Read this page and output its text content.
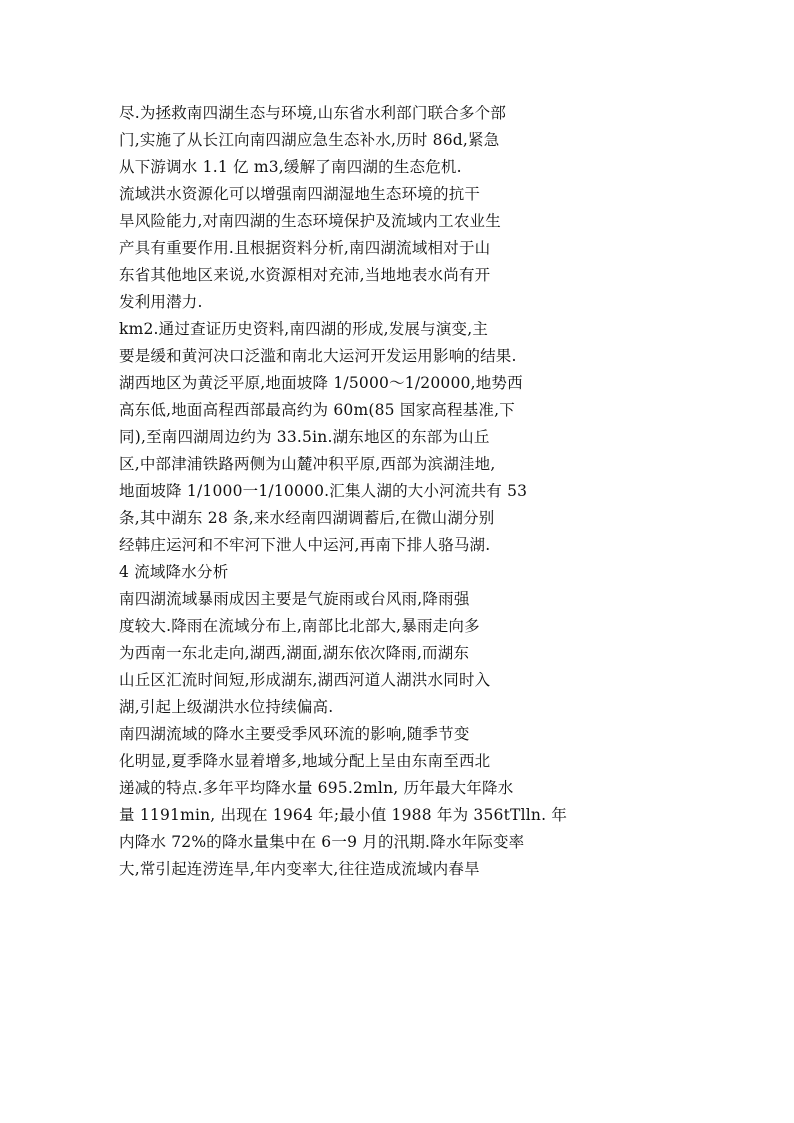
尽.为拯救南四湖生态与环境,山东省水利部门联合多个部
门,实施了从长江向南四湖应急生态补水,历时 86d,紧急
从下游调水 1.1 亿 m3,缓解了南四湖的生态危机.
流域洪水资源化可以增强南四湖湿地生态环境的抗干
旱风险能力,对南四湖的生态环境保护及流域内工农业生
产具有重要作用.且根据资料分析,南四湖流域相对于山
东省其他地区来说,水资源相对充沛,当地地表水尚有开
发利用潜力.
km2.通过查证历史资料,南四湖的形成,发展与演变,主
要是缓和黄河决口泛滥和南北大运河开发运用影响的结果.
湖西地区为黄泛平原,地面坡降 1/5000～1/20000,地势西
高东低,地面高程西部最高约为 60m(85 国家高程基准,下
同),至南四湖周边约为 33.5in.湖东地区的东部为山丘
区,中部津浦铁路两侧为山麓冲积平原,西部为滨湖洼地,
地面坡降 1/1000一1/10000.汇集人湖的大小河流共有 53
条,其中湖东 28 条,来水经南四湖调蓄后,在微山湖分别
经韩庄运河和不牢河下泄人中运河,再南下排人骆马湖.
4 流域降水分析
南四湖流域暴雨成因主要是气旋雨或台风雨,降雨强
度较大.降雨在流域分布上,南部比北部大,暴雨走向多
为西南一东北走向,湖西,湖面,湖东依次降雨,而湖东
山丘区汇流时间短,形成湖东,湖西河道人湖洪水同时入
湖,引起上级湖洪水位持续偏高.
南四湖流域的降水主要受季风环流的影响,随季节变
化明显,夏季降水显着增多,地域分配上呈由东南至西北
递减的特点.多年平均降水量 695.2mln, 历年最大年降水
量 1191min, 出现在 1964 年;最小值 1988 年为 356tTlln. 年
内降水 72%的降水量集中在 6一9 月的汛期.降水年际变率
大,常引起连涝连旱,年内变率大,往往造成流域内春旱
